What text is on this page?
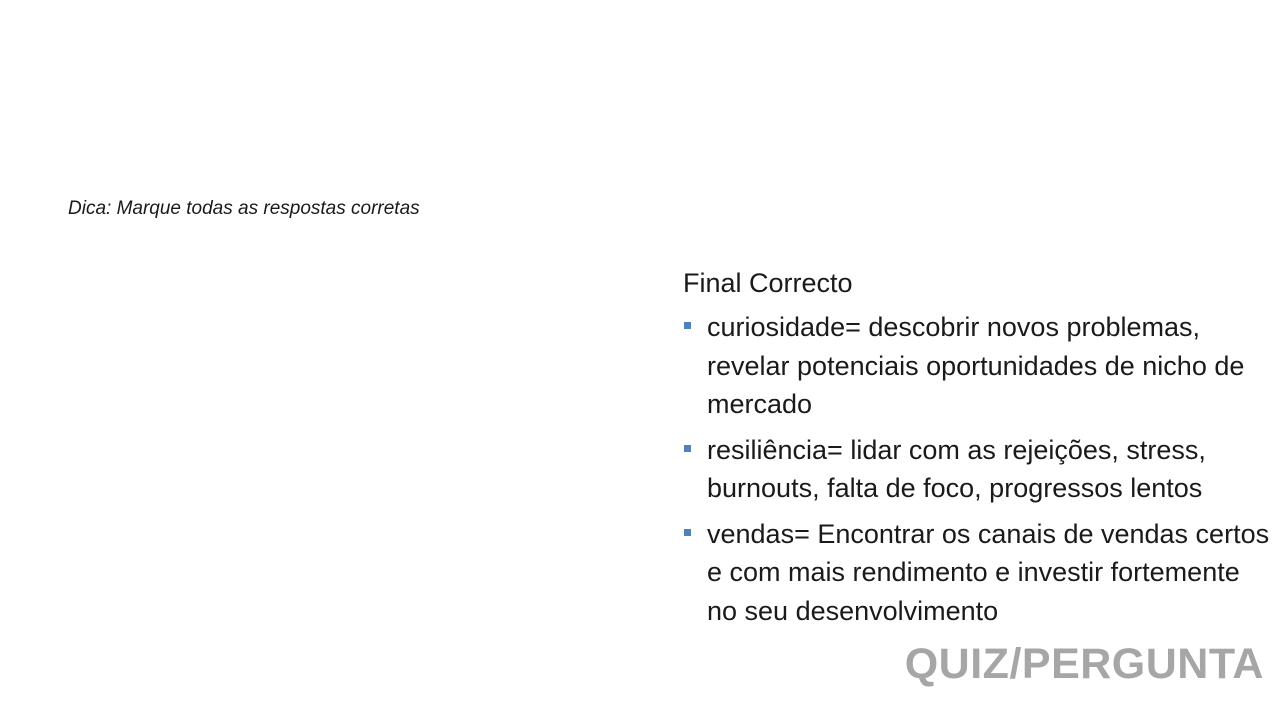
Dica: Marque todas as respostas corretas
Final Correcto
curiosidade= descobrir novos problemas, revelar potenciais oportunidades de nicho de mercado
resiliência= lidar com as rejeições, stress, burnouts, falta de foco, progressos lentos
vendas= Encontrar os canais de vendas certos e com mais rendimento e investir fortemente no seu desenvolvimento
QUIZ/PERGUNTA
